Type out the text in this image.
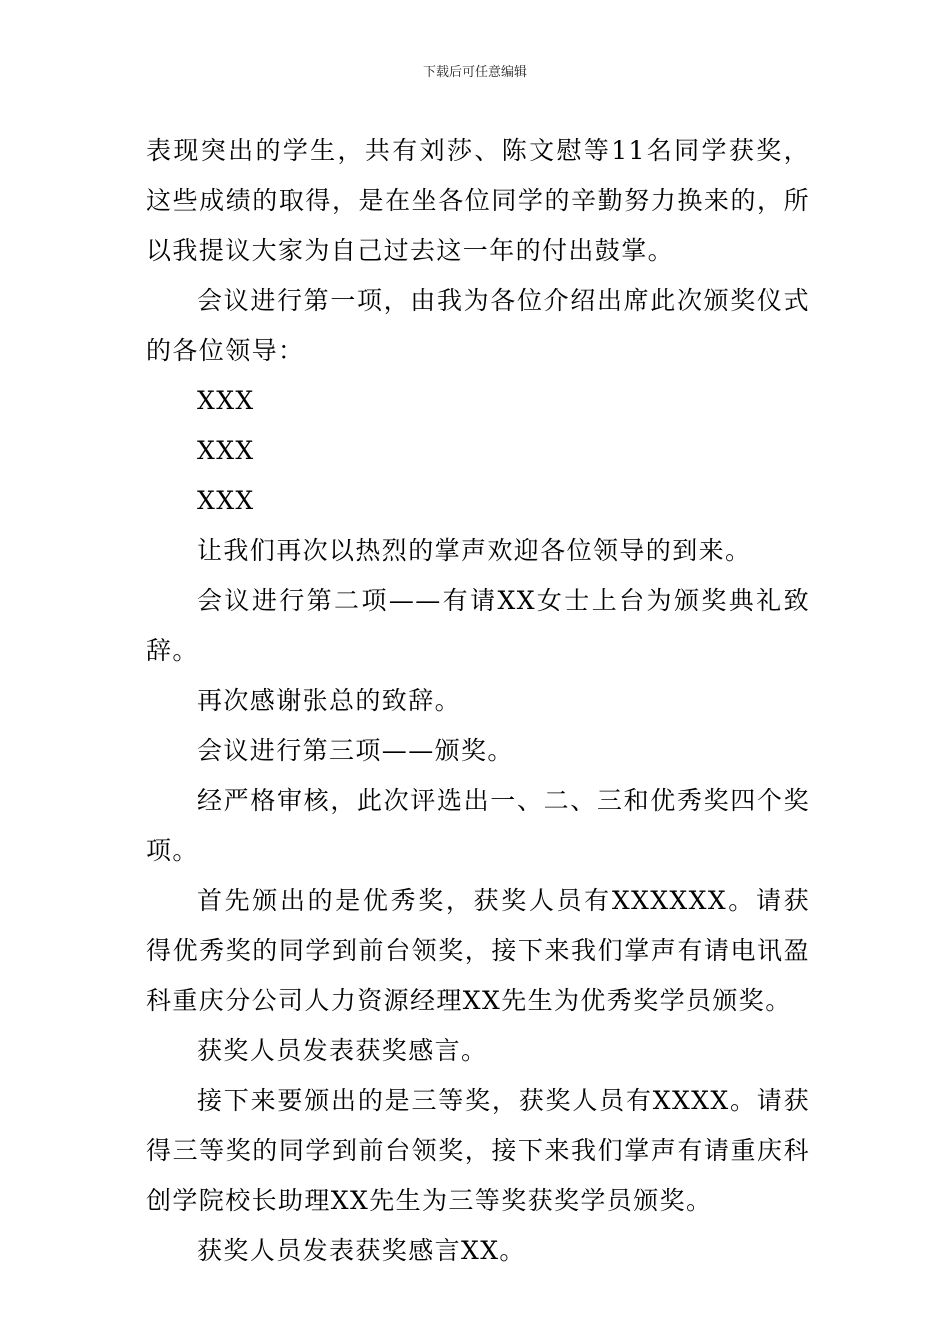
下载后可任意编辑

表现突出的学生，共有刘莎、陈文慰等11名同学获奖，这些成绩的取得，是在坐各位同学的辛勤努力换来的，所以我提议大家为自己过去这一年的付出鼓掌。

会议进行第一项，由我为各位介绍出席此次颁奖仪式的各位领导：

XXX

XXX

XXX

让我们再次以热烈的掌声欢迎各位领导的到来。

会议进行第二项——有请XX女士上台为颁奖典礼致辞。

再次感谢张总的致辞。

会议进行第三项——颁奖。

经严格审核，此次评选出一、二、三和优秀奖四个奖项。

首先颁出的是优秀奖，获奖人员有XXXXXX。请获得优秀奖的同学到前台领奖，接下来我们掌声有请电讯盈科重庆分公司人力资源经理XX先生为优秀奖学员颁奖。

获奖人员发表获奖感言。

接下来要颁出的是三等奖，获奖人员有XXXX。请获得三等奖的同学到前台领奖，接下来我们掌声有请重庆科创学院校长助理XX先生为三等奖获奖学员颁奖。

获奖人员发表获奖感言XX。
